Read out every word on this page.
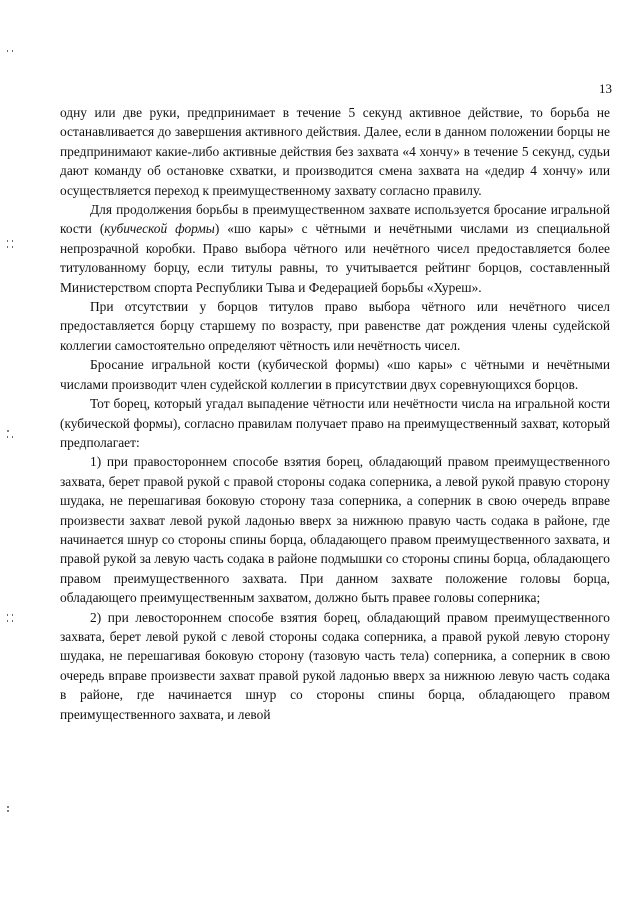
13

одну или две руки, предпринимает в течение 5 секунд активное действие, то борьба не останавливается до завершения активного действия. Далее, если в данном положении борцы не предпринимают какие-либо активные действия без захвата «4 хончу» в течение 5 секунд, судьи дают команду об остановке схватки, и производится смена захвата на «дедир 4 хончу» или осуществляется переход к преимущественному захвату согласно правилу.

Для продолжения борьбы в преимущественном захвате используется бросание игральной кости (кубической формы) «шо кары» с чётными и нечётными числами из специальной непрозрачной коробки. Право выбора чётного или нечётного чисел предоставляется более титулованному борцу, если титулы равны, то учитывается рейтинг борцов, составленный Министерством спорта Республики Тыва и Федерацией борьбы «Хуреш».

При отсутствии у борцов титулов право выбора чётного или нечётного чисел предоставляется борцу старшему по возрасту, при равенстве дат рождения члены судейской коллегии самостоятельно определяют чётность или нечётность чисел.

Бросание игральной кости (кубической формы) «шо кары» с чётными и нечётными числами производит член судейской коллегии в присутствии двух соревнующихся борцов.

Тот борец, который угадал выпадение чётности или нечётности числа на игральной кости (кубической формы), согласно правилам получает право на преимущественный захват, который предполагает:

1) при правостороннем способе взятия борец, обладающий правом преимущественного захвата, берет правой рукой с правой стороны содака соперника, а левой рукой правую сторону шудака, не перешагивая боковую сторону таза соперника, а соперник в свою очередь вправе произвести захват левой рукой ладонью вверх за нижнюю правую часть содака в районе, где начинается шнур со стороны спины борца, обладающего правом преимущественного захвата, и правой рукой за левую часть содака в районе подмышки со стороны спины борца, обладающего правом преимущественного захвата. При данном захвате положение головы борца, обладающего преимущественным захватом, должно быть правее головы соперника;

2) при левостороннем способе взятия борец, обладающий правом преимущественного захвата, берет левой рукой с левой стороны содака соперника, а правой рукой левую сторону шудака, не перешагивая боковую сторону (тазовую часть тела) соперника, а соперник в свою очередь вправе произвести захват правой рукой ладонью вверх за нижнюю левую часть содака в районе, где начинается шнур со стороны спины борца, обладающего правом преимущественного захвата, и левой
